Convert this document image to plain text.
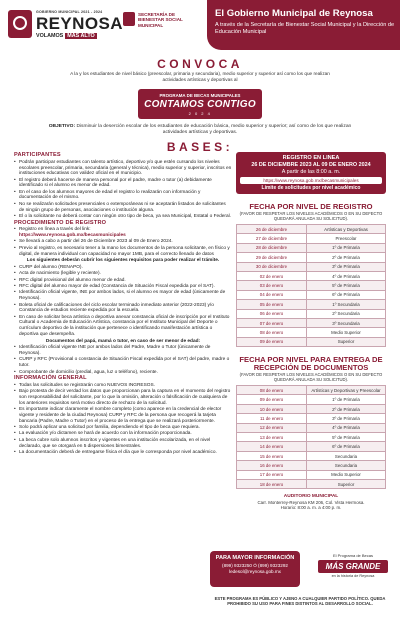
GOBIERNO MUNICIPAL 2021 - 2024
REYNOSA
VOLAMOS MÁS ALTO
SECRETARÍA DE BIENESTAR SOCIAL MUNICIPAL
El Gobierno Municipal de Reynosa
A través de la Secretaría de Bienestar Social Municipal y la Dirección de Educación Municipal
CONVOCA
A la y los estudiantes de nivel básico (preescolar, primaria y secundaria), medio superior y superior así como los que realizan actividades artísticas y deportivas al
PROGRAMA DE BECAS MUNICIPALES
CONTAMOS CONTIGO
2 0 2 4
OBJETIVO: Disminuir la deserción escolar de los estudiantes de educación básica, medio superior y superior; así como de los que realizan actividades artísticas y deportivas.
BASES:
PARTICIPANTES
• Podrán participar estudiantes con talento artístico, deportivo y/o que estén cursando los niveles escolares preescolar, primaria, secundaria (general y técnica), medio superior y superior, inscritos en instituciones educativas con validez oficial en el municipio.
• El registro deberá hacerse de manera personal por el padre, madre o tutor (a) debidamente identificado si el alumno es menor de edad.
• En el caso de los alumnos mayores de edad el registro lo realizarán con información y documentación de el mismo.
• No se realizarán solicitudes presenciales o extemporáneas ni se aceptarán listados de solicitantes de ningún grupo de personas, asociaciones o institución alguna.
• El o la solicitante no deberá contar con ningún otro tipo de beca, ya sea Municipal, Estatal o Federal.
PROCEDIMIENTO DE REGISTRO
• Registro en línea a través del link:
https://www.reynosa.gob.mx/becasmunicipales
• Se llevará a cabo a partir del 26 de Diciembre 2023 al 09 de Enero 2024.
• Previo al registro, es necesario tener a la mano los documentos de la persona solicitante, en físico y digital, de manera individual con capacidad no mayor 1MB, para el correcto llenado de datos
Los siguientes deberán cubrir los siguientes requisitos para poder realizar el trámite.
• CURP del alumno (RENAPO).
• Acta de nacimiento (legible y reciente).
• RFC digital provisional del alumno menor de edad.
• RFC digital del alumno mayor de edad (Constancia de Situación Fiscal expedida por el SAT).
• Identificación oficial vigente, INE por ambos lados, si el alumno es mayor de edad (únicamente de Reynosa).
• Boleta oficial de calificaciones del ciclo escolar terminado inmediato anterior (2022-2023) y/o Constancia de estudios reciente expedida por la escuela.
• En caso de solicitar beca artística o deportiva anexar constancia oficial de inscripción por el Instituto Cultural o Academia de Educación Artística, constancia por el Instituto Municipal del Deporte o currículum deportivo de la institución que pertenece o identificando manifestación artística o deportiva que desempeña.
Documentos del papá, mamá o tutor, en caso de ser menor de edad:
• Identificación oficial vigente INE por ambos lados del Padre, Madre o Tutor (únicamente de Reynosa).
• CURP y RFC (Provisional o constancia de Situación Fiscal expedida por el SAT) del padre, madre o tutor.
• Comprobante de domicilio (predial, agua, luz o teléfono), reciente.
INFORMACIÓN GENERAL
• Todas las solicitudes se registrarán como NUEVOS INGRESOS.
• Bajo protesta de decir verdad los datos que proporcionan para la captura en el momento del registro son responsabilidad del solicitante, por lo que la omisión, alteración o falsificación de cualquiera de los anteriores requisitos será motivo directo de rechazo de la solicitud.
• Es importante indicar claramente el nombre completo (como aparece en la credencial de elector vigente y residente de la ciudad Reynosa) CURP y RFC de la persona que recogerá la tarjeta bancaria (Padre, Madre o Tutor) en el proceso de la entrega que se realizará posteriormente.
• Solo podrá aplicar una solicitud por familia, dependiendo el tipo de beca que requiera.
• La evaluación y/o dictamen se hará de acuerdo con la información proporcionada.
• La beca cubre solo alumnos inscritos y vigentes en una institución escolarizada, en el nivel declarado, que se otorgará en 5 dispersiones bimestrales.
• La documentación deberá de entregarse física el día que le corresponda por nivel académico.
REGISTRO EN LINEA
26 DE DICIEMBRE 2023 AL 09 DE ENERO 2024
A partir de las 8:00 a. m.
https://www.reynosa.gob.mx/becasmunicipales
Límite de solicitudes por nivel académico
FECHA POR NIVEL DE REGISTRO
(FAVOR DE RESPETAR LOS NIVELES ACADÉMICOS O EN SU DEFECTO QUEDARÁ ANULADA SU SOLICITUD).
26 de diciembre	Artísticas y Deportivas
27 de diciembre	Preescolar
28 de diciembre	1º de Primaria
29 de diciembre	2º de Primaria
30 de diciembre	3º de Primaria
02 de enero	4º de Primaria
03 de enero	5º de Primaria
04 de enero	6º de Primaria
05 de enero	1º Secundaria
06 de enero	2º Secundaria
07 de enero	3º Secundaria
08 de enero	Medio Superior
09 de enero	Superior
FECHA POR NIVEL PARA ENTREGA DE RECEPCIÓN DE DOCUMENTOS
(FAVOR DE RESPETAR LOS NIVELES ACADÉMICOS O EN SU DEFECTO QUEDARÁ ANULADA SU SOLICITUD).
08 de enero	Artísticas y Deportivas y Preescolar
09 de enero	1º de Primaria
10 de enero	2º de Primaria
11 de enero	3º de Primaria
12 de enero	4º de Primaria
13 de enero	5º de Primaria
14 de enero	6º de Primaria
15 de enero	Secundaria
16 de enero	Secundaria
17 de enero	Medio Superior
18 de enero	Superior
AUDITORIO MUNICIPAL
Carr. Monterrey-Reynosa KM 206, Col. Vista Hermosa.
Horario: 8:00 a. m. a 4:00 p. m.
PARA MAYOR INFORMACIÓN
(899) 9323250 Ó (899) 9323292
ledesol@reynosa.gob.mx
El Programa de Becas
MÁS GRANDE
en la historia de Reynosa
ESTE PROGRAMA ES PÚBLICO Y AJENO A CUALQUIER PARTIDO POLÍTICO. QUEDA PROHIBIDO SU USO PARA FINES DISTINTOS AL DESARROLLO SOCIAL.
